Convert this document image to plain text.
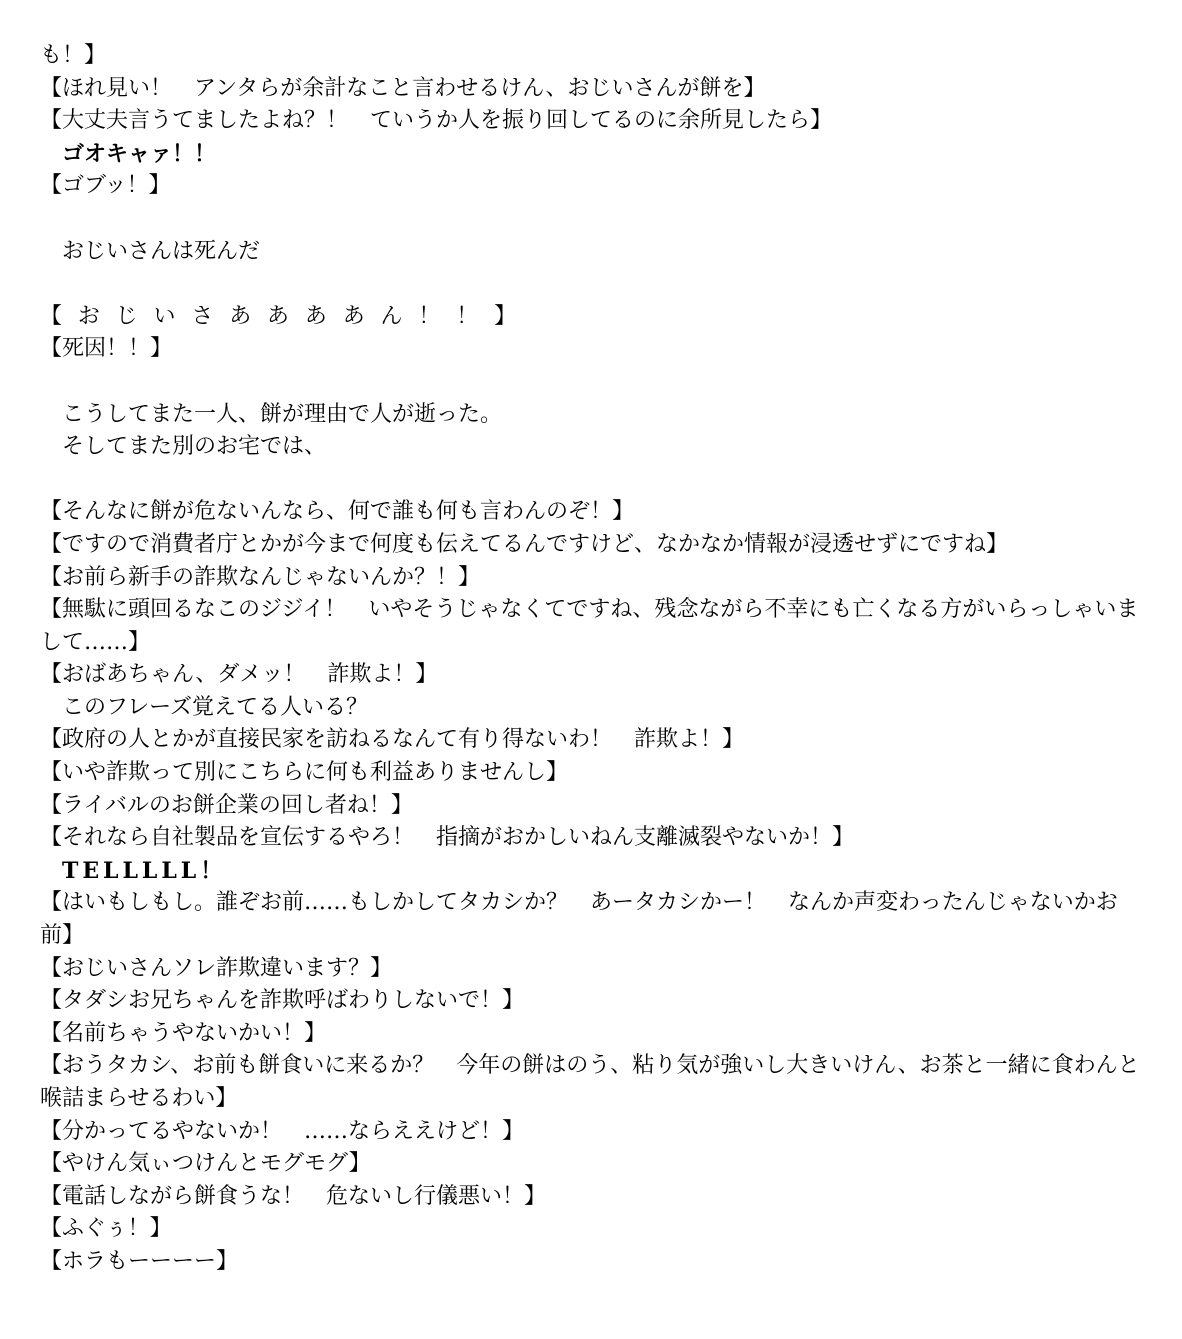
も！】
【ほれ見い！　アンタらが余計なこと言わせるけん、おじいさんが餅を】
【大丈夫言うてましたよね？！　ていうか人を振り回してるのに余所見したら】
ゴオキャァ！！
【ゴブッ！】
おじいさんは死んだ
【おじいさああああん！！】
【死因！！】
こうしてまた一人、餅が理由で人が逝った。
そしてまた別のお宅では、
【そんなに餅が危ないんなら、何で誰も何も言わんのぞ！】
【ですので消費者庁とかが今まで何度も伝えてるんですけど、なかなか情報が浸透せずにですね】
【お前ら新手の詐欺なんじゃないんか？！】
【無駄に頭回るなこのジジイ！　いやそうじゃなくてですね、残念ながら不幸にも亡くなる方がいらっしゃいまして……】
【おばあちゃん、ダメッ！　詐欺よ！】
このフレーズ覚えてる人いる？
【政府の人とかが直接民家を訪ねるなんて有り得ないわ！　詐欺よ！】
【いや詐欺って別にこちらに何も利益ありませんし】
【ライバルのお餅企業の回し者ね！】
【それなら自社製品を宣伝するやろ！　指摘がおかしいねん支離滅裂やないか！】
TELLLLL！
【はいもしもし。誰ぞお前……もしかしてタカシか？　あータカシかー！　なんか声変わったんじゃないかお前】
【おじいさんソレ詐欺違います？】
【タダシお兄ちゃんを詐欺呼ばわりしないで！】
【名前ちゃうやないかい！】
【おうタカシ、お前も餅食いに来るか？　今年の餅はのう、粘り気が強いし大きいけん、お茶と一緒に食わんと喉詰まらせるわい】
【分かってるやないか！　……ならええけど！】
【やけん気ぃつけんとモグモグ】
【電話しながら餅食うな！　危ないし行儀悪い！】
【ふぐぅ！】
【ホラもーーーー】
